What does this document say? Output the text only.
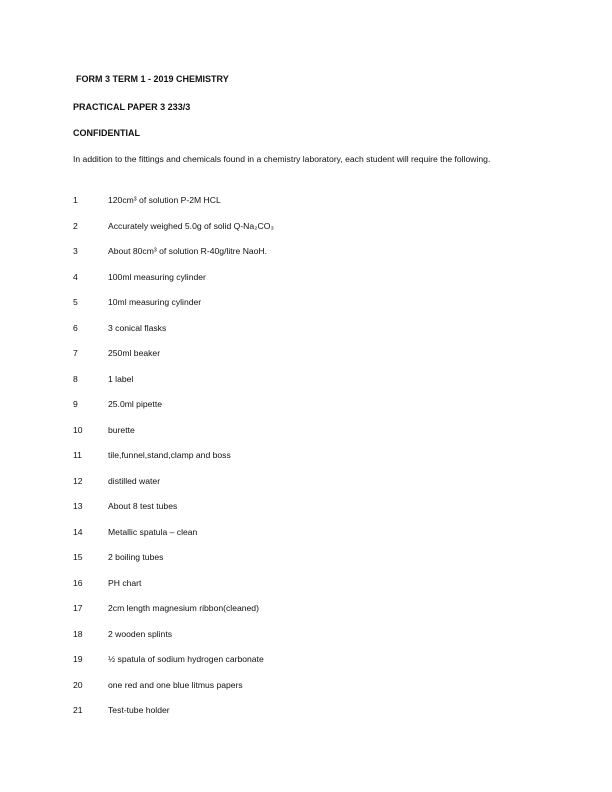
FORM 3 TERM 1 - 2019 CHEMISTRY
PRACTICAL PAPER 3 233/3
CONFIDENTIAL
In addition to the fittings and chemicals found in a chemistry laboratory, each student will require the following.
1	120cm³ of solution P-2M HCL
2	Accurately weighed 5.0g of solid Q-Na₂CO₃
3	About 80cm³ of solution R-40g/litre NaoH.
4	100ml measuring cylinder
5	10ml measuring cylinder
6	3 conical flasks
7	250ml beaker
8	1 label
9	25.0ml pipette
10	burette
11	tile,funnel,stand,clamp and boss
12	distilled water
13	About 8 test tubes
14	Metallic spatula – clean
15	2 boiling tubes
16	PH chart
17	2cm length magnesium ribbon(cleaned)
18	2 wooden splints
19	½ spatula of sodium hydrogen carbonate
20	one red and one blue litmus papers
21	Test-tube holder
